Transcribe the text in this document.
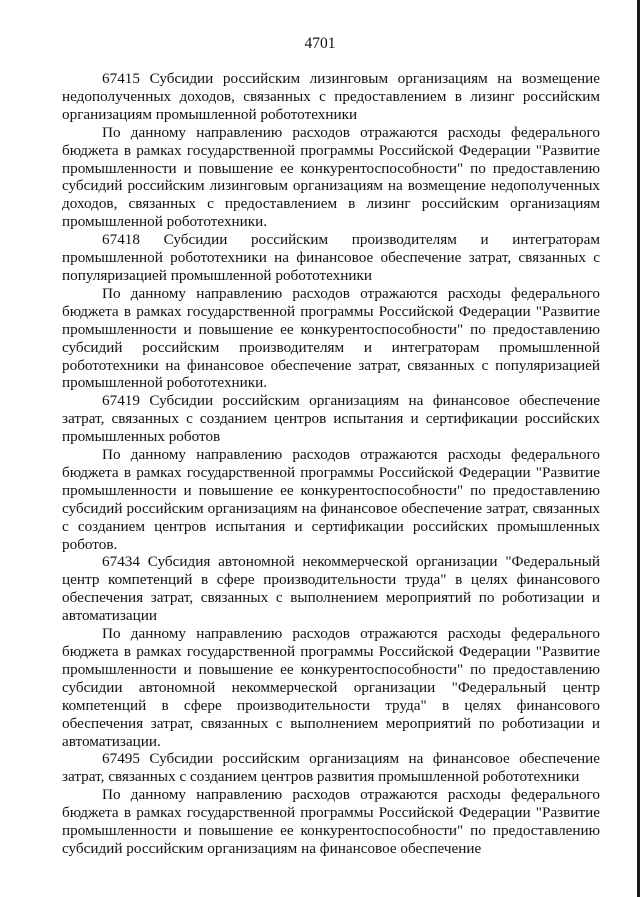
4701

67415 Субсидии российским лизинговым организациям на возмещение недополученных доходов, связанных с предоставлением в лизинг российским организациям промышленной робототехники

По данному направлению расходов отражаются расходы федерального бюджета в рамках государственной программы Российской Федерации "Развитие промышленности и повышение ее конкурентоспособности" по предоставлению субсидий российским лизинговым организациям на возмещение недополученных доходов, связанных с предоставлением в лизинг российским организациям промышленной робототехники.

67418 Субсидии российским производителям и интеграторам промышленной робототехники на финансовое обеспечение затрат, связанных с популяризацией промышленной робототехники

По данному направлению расходов отражаются расходы федерального бюджета в рамках государственной программы Российской Федерации "Развитие промышленности и повышение ее конкурентоспособности" по предоставлению субсидий российским производителям и интеграторам промышленной робототехники на финансовое обеспечение затрат, связанных с популяризацией промышленной робототехники.

67419 Субсидии российским организациям на финансовое обеспечение затрат, связанных с созданием центров испытания и сертификации российских промышленных роботов

По данному направлению расходов отражаются расходы федерального бюджета в рамках государственной программы Российской Федерации "Развитие промышленности и повышение ее конкурентоспособности" по предоставлению субсидий российским организациям на финансовое обеспечение затрат, связанных с созданием центров испытания и сертификации российских промышленных роботов.

67434 Субсидия автономной некоммерческой организации "Федеральный центр компетенций в сфере производительности труда" в целях финансового обеспечения затрат, связанных с выполнением мероприятий по роботизации и автоматизации

По данному направлению расходов отражаются расходы федерального бюджета в рамках государственной программы Российской Федерации "Развитие промышленности и повышение ее конкурентоспособности" по предоставлению субсидии автономной некоммерческой организации "Федеральный центр компетенций в сфере производительности труда" в целях финансового обеспечения затрат, связанных с выполнением мероприятий по роботизации и автоматизации.

67495 Субсидии российским организациям на финансовое обеспечение затрат, связанных с созданием центров развития промышленной робототехники

По данному направлению расходов отражаются расходы федерального бюджета в рамках государственной программы Российской Федерации "Развитие промышленности и повышение ее конкурентоспособности" по предоставлению субсидий российским организациям на финансовое обеспечение
